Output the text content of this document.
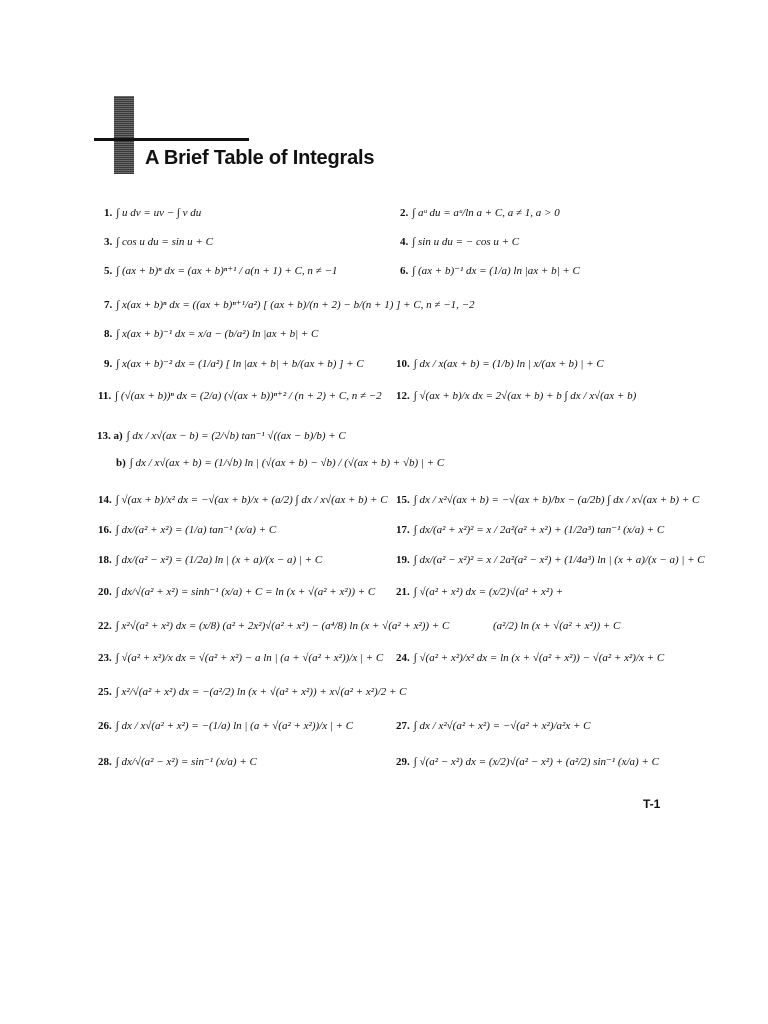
A Brief Table of Integrals
1. ∫ u dv = uv − ∫ v du
3. ∫ cos u du = sin u + C
5. ∫ (ax + b)ⁿ dx = (ax + b)ⁿ⁺¹ / a(n + 1) + C, n ≠ −1
7. ∫ x(ax + b)ⁿ dx = ((ax + b)ⁿ⁺¹/a²) [ (ax + b)/(n + 2) − b/(n + 1) ] + C, n ≠ −1, −2
8. ∫ x(ax + b)⁻¹ dx = x/a − (b/a²) ln |ax + b| + C
9. ∫ x(ax + b)⁻² dx = (1/a²) [ ln |ax + b| + b/(ax + b) ] + C
11. ∫ (√(ax + b))ⁿ dx = (2/a) (√(ax + b))ⁿ⁺² / (n + 2) + C, n ≠ −2
13. a) ∫ dx / x√(ax − b) = (2/√b) tan⁻¹ √((ax − b)/b) + C
b) ∫ dx / x√(ax + b) = (1/√b) ln | (√(ax + b) − √b) / (√(ax + b) + √b) | + C
14. ∫ √(ax + b)/x² dx = −√(ax + b)/x + (a/2) ∫ dx / x√(ax + b) + C
16. ∫ dx/(a² + x²) = (1/a) tan⁻¹ (x/a) + C
18. ∫ dx/(a² − x²) = (1/2a) ln | (x + a)/(x − a) | + C
20. ∫ dx/√(a² + x²) = sinh⁻¹ (x/a) + C = ln (x + √(a² + x²)) + C
22. ∫ x²√(a² + x²) dx = (x/8) (a² + 2x²)√(a² + x²) − (a⁴/8) ln (x + √(a² + x²)) + C
23. ∫ √(a² + x²)/x dx = √(a² + x²) − a ln | (a + √(a² + x²))/x | + C
25. ∫ x²/√(a² + x²) dx = −(a²/2) ln (x + √(a² + x²)) + x√(a² + x²)/2 + C
26. ∫ dx / x√(a² + x²) = −(1/a) ln | (a + √(a² + x²))/x | + C
28. ∫ dx/√(a² − x²) = sin⁻¹ (x/a) + C
2. ∫ aᵘ du = aᵘ/ln a + C, a ≠ 1, a > 0
4. ∫ sin u du = − cos u + C
6. ∫ (ax + b)⁻¹ dx = (1/a) ln |ax + b| + C
10. ∫ dx / x(ax + b) = (1/b) ln | x/(ax + b) | + C
12. ∫ √(ax + b)/x dx = 2√(ax + b) + b ∫ dx / x√(ax + b)
15. ∫ dx / x²√(ax + b) = −√(ax + b)/bx − (a/2b) ∫ dx / x√(ax + b) + C
17. ∫ dx/(a² + x²)² = x / 2a²(a² + x²) + (1/2a³) tan⁻¹ (x/a) + C
19. ∫ dx/(a² − x²)² = x / 2a²(a² − x²) + (1/4a³) ln | (x + a)/(x − a) | + C
21. ∫ √(a² + x²) dx = (x/2)√(a² + x²) +
(a²/2) ln (x + √(a² + x²)) + C
24. ∫ √(a² + x²)/x² dx = ln (x + √(a² + x²)) − √(a² + x²)/x + C
27. ∫ dx / x²√(a² + x²) = −√(a² + x²)/a²x + C
29. ∫ √(a² − x²) dx = (x/2)√(a² − x²) + (a²/2) sin⁻¹ (x/a) + C
T-1
